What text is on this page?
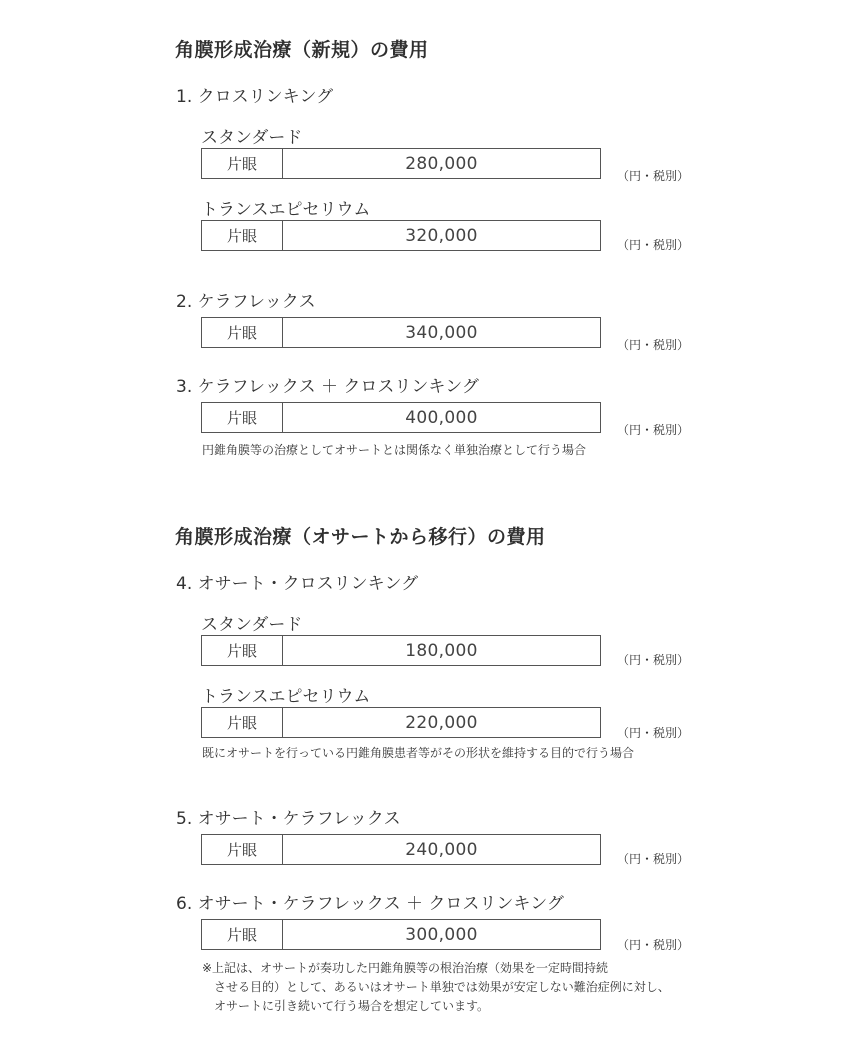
角膜形成治療（新規）の費用
1. クロスリンキング
スタンダード
片眼	280,000
（円・税別）
トランスエピセリウム
片眼	320,000	（円・税別）
2. ケラフレックス
片眼	340,000
（円・税別）
3. ケラフレックス ＋ クロスリンキング
片眼	400,000
（円・税別）
円錐角膜等の治療としてオサートとは関係なく単独治療として行う場合
角膜形成治療（オサートから移行）の費用
4. オサート・クロスリンキング
スタンダード
片眼	180,000	（円・税別）
トランスエピセリウム
片眼	220,000
（円・税別）
既にオサートを行っている円錐角膜患者等がその形状を維持する目的で行う場合
5. オサート・ケラフレックス
片眼	240,000	（円・税別）
6. オサート・ケラフレックス ＋ クロスリンキング
片眼	300,000
（円・税別）
※上記は、オサートが奏功した円錐角膜等の根治治療（効果を一定時間持続
　させる目的）として、あるいはオサート単独では効果が安定しない難治症例に対し、
　オサートに引き続いて行う場合を想定しています。
